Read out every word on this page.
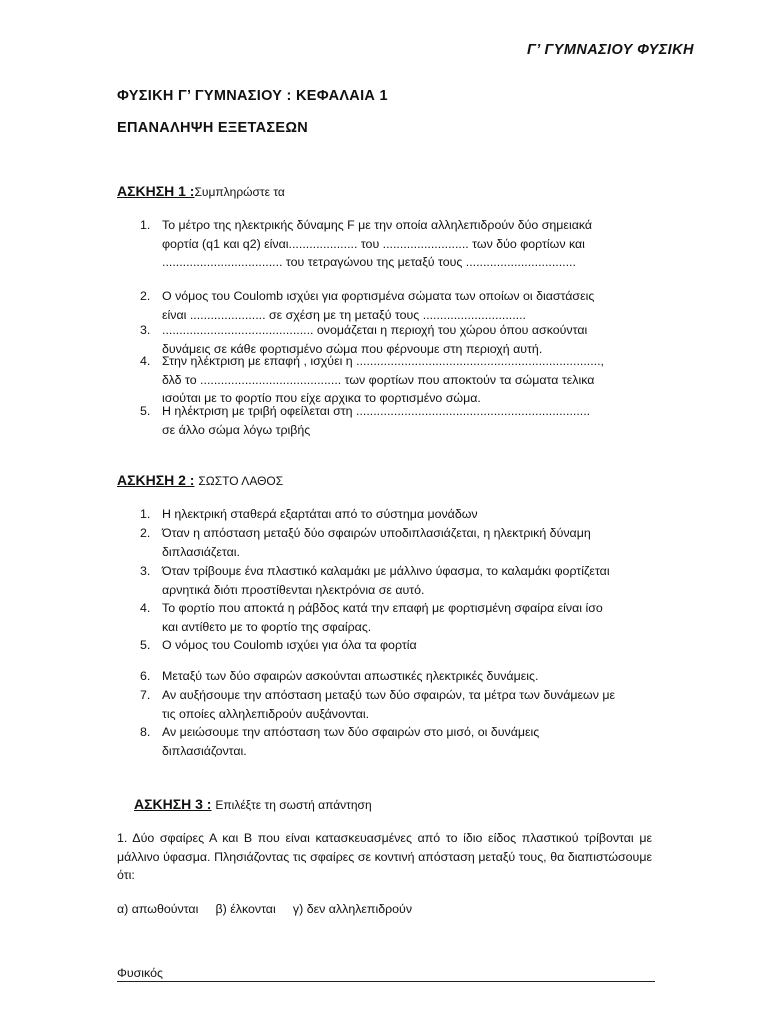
Γ’ ΓΥΜΝΑΣΙΟΥ ΦΥΣΙΚΗ
ΦΥΣΙΚΗ Γ’ ΓΥΜΝΑΣΙΟΥ : ΚΕΦΑΛΑΙΑ 1
ΕΠΑΝΑΛΗΨΗ ΕΞΕΤΑΣΕΩΝ
ΑΣΚΗΣΗ 1 :Συμπληρώστε τα
1. Το μέτρο της ηλεκτρικής δύναμης F με την οποία αλληλεπιδρούν δύο σημειακά
φορτία (q1 και q2) είναι.................... του ......................... των δύο φορτίων και
................................... του τετραγώνου της μεταξύ τους ................................
2. Ο νόμος του Coulomb ισχύει για φορτισμένα σώματα των οποίων οι διαστάσεις
είναι ...................... σε σχέση με τη μεταξύ τους ..............................
3. ............................................ ονομάζεται η περιοχή του χώρου όπου ασκούνται
δυνάμεις σε κάθε φορτισμένο σώμα που φέρνουμε στη περιοχή αυτή.
4. Στην ηλέκτριση με επαφή , ισχύει η .......................................................................,
δλδ το ......................................... των φορτίων που αποκτούν τα σώματα τελικα
ισούται με το φορτίο που είχε αρχικα το φορτισμένο σώμα.
5. Η ηλέκτριση με τριβή οφείλεται στη ....................................................................
σε άλλο σώμα λόγω τριβής
ΑΣΚΗΣΗ 2 : ΣΩΣΤΟ ΛΑΘΟΣ
1. Η ηλεκτρική σταθερά εξαρτάται από το σύστημα μονάδων
2. Όταν η απόσταση μεταξύ δύο σφαιρών υποδιπλασιάζεται, η ηλεκτρική δύναμη
διπλασιάζεται.
3. Όταν τρίβουμε ένα πλαστικό καλαμάκι με μάλλινο ύφασμα, το καλαμάκι φορτίζεται
αρνητικά διότι προστίθενται ηλεκτρόνια σε αυτό.
4. Το φορτίο που αποκτά η ράβδος κατά την επαφή με φορτισμένη σφαίρα είναι ίσο
και αντίθετο με το φορτίο της σφαίρας.
5. Ο νόμος του Coulomb ισχύει για όλα τα φορτία
6. Μεταξύ των δύο σφαιρών ασκούνται απωστικές ηλεκτρικές δυνάμεις.
7. Αν αυξήσουμε την απόσταση μεταξύ των δύο σφαιρών, τα μέτρα των δυνάμεων με
τις οποίες αλληλεπιδρούν αυξάνονται.
8. Αν μειώσουμε την απόσταση των δύο σφαιρών στο μισό, οι δυνάμεις
διπλασιάζονται.
ΑΣΚΗΣΗ 3 : Επιλέξτε τη σωστή απάντηση
1. Δύο σφαίρες Α και Β που είναι κατασκευασμένες από το ίδιο είδος πλαστικού τρίβονται με μάλλινο ύφασμα. Πλησιάζοντας τις σφαίρες σε κοντινή απόσταση μεταξύ τους, θα διαπιστώσουμε ότι:
α) απωθούνται     β) έλκονται     γ) δεν αλληλεπιδρούν
Φυσικός
